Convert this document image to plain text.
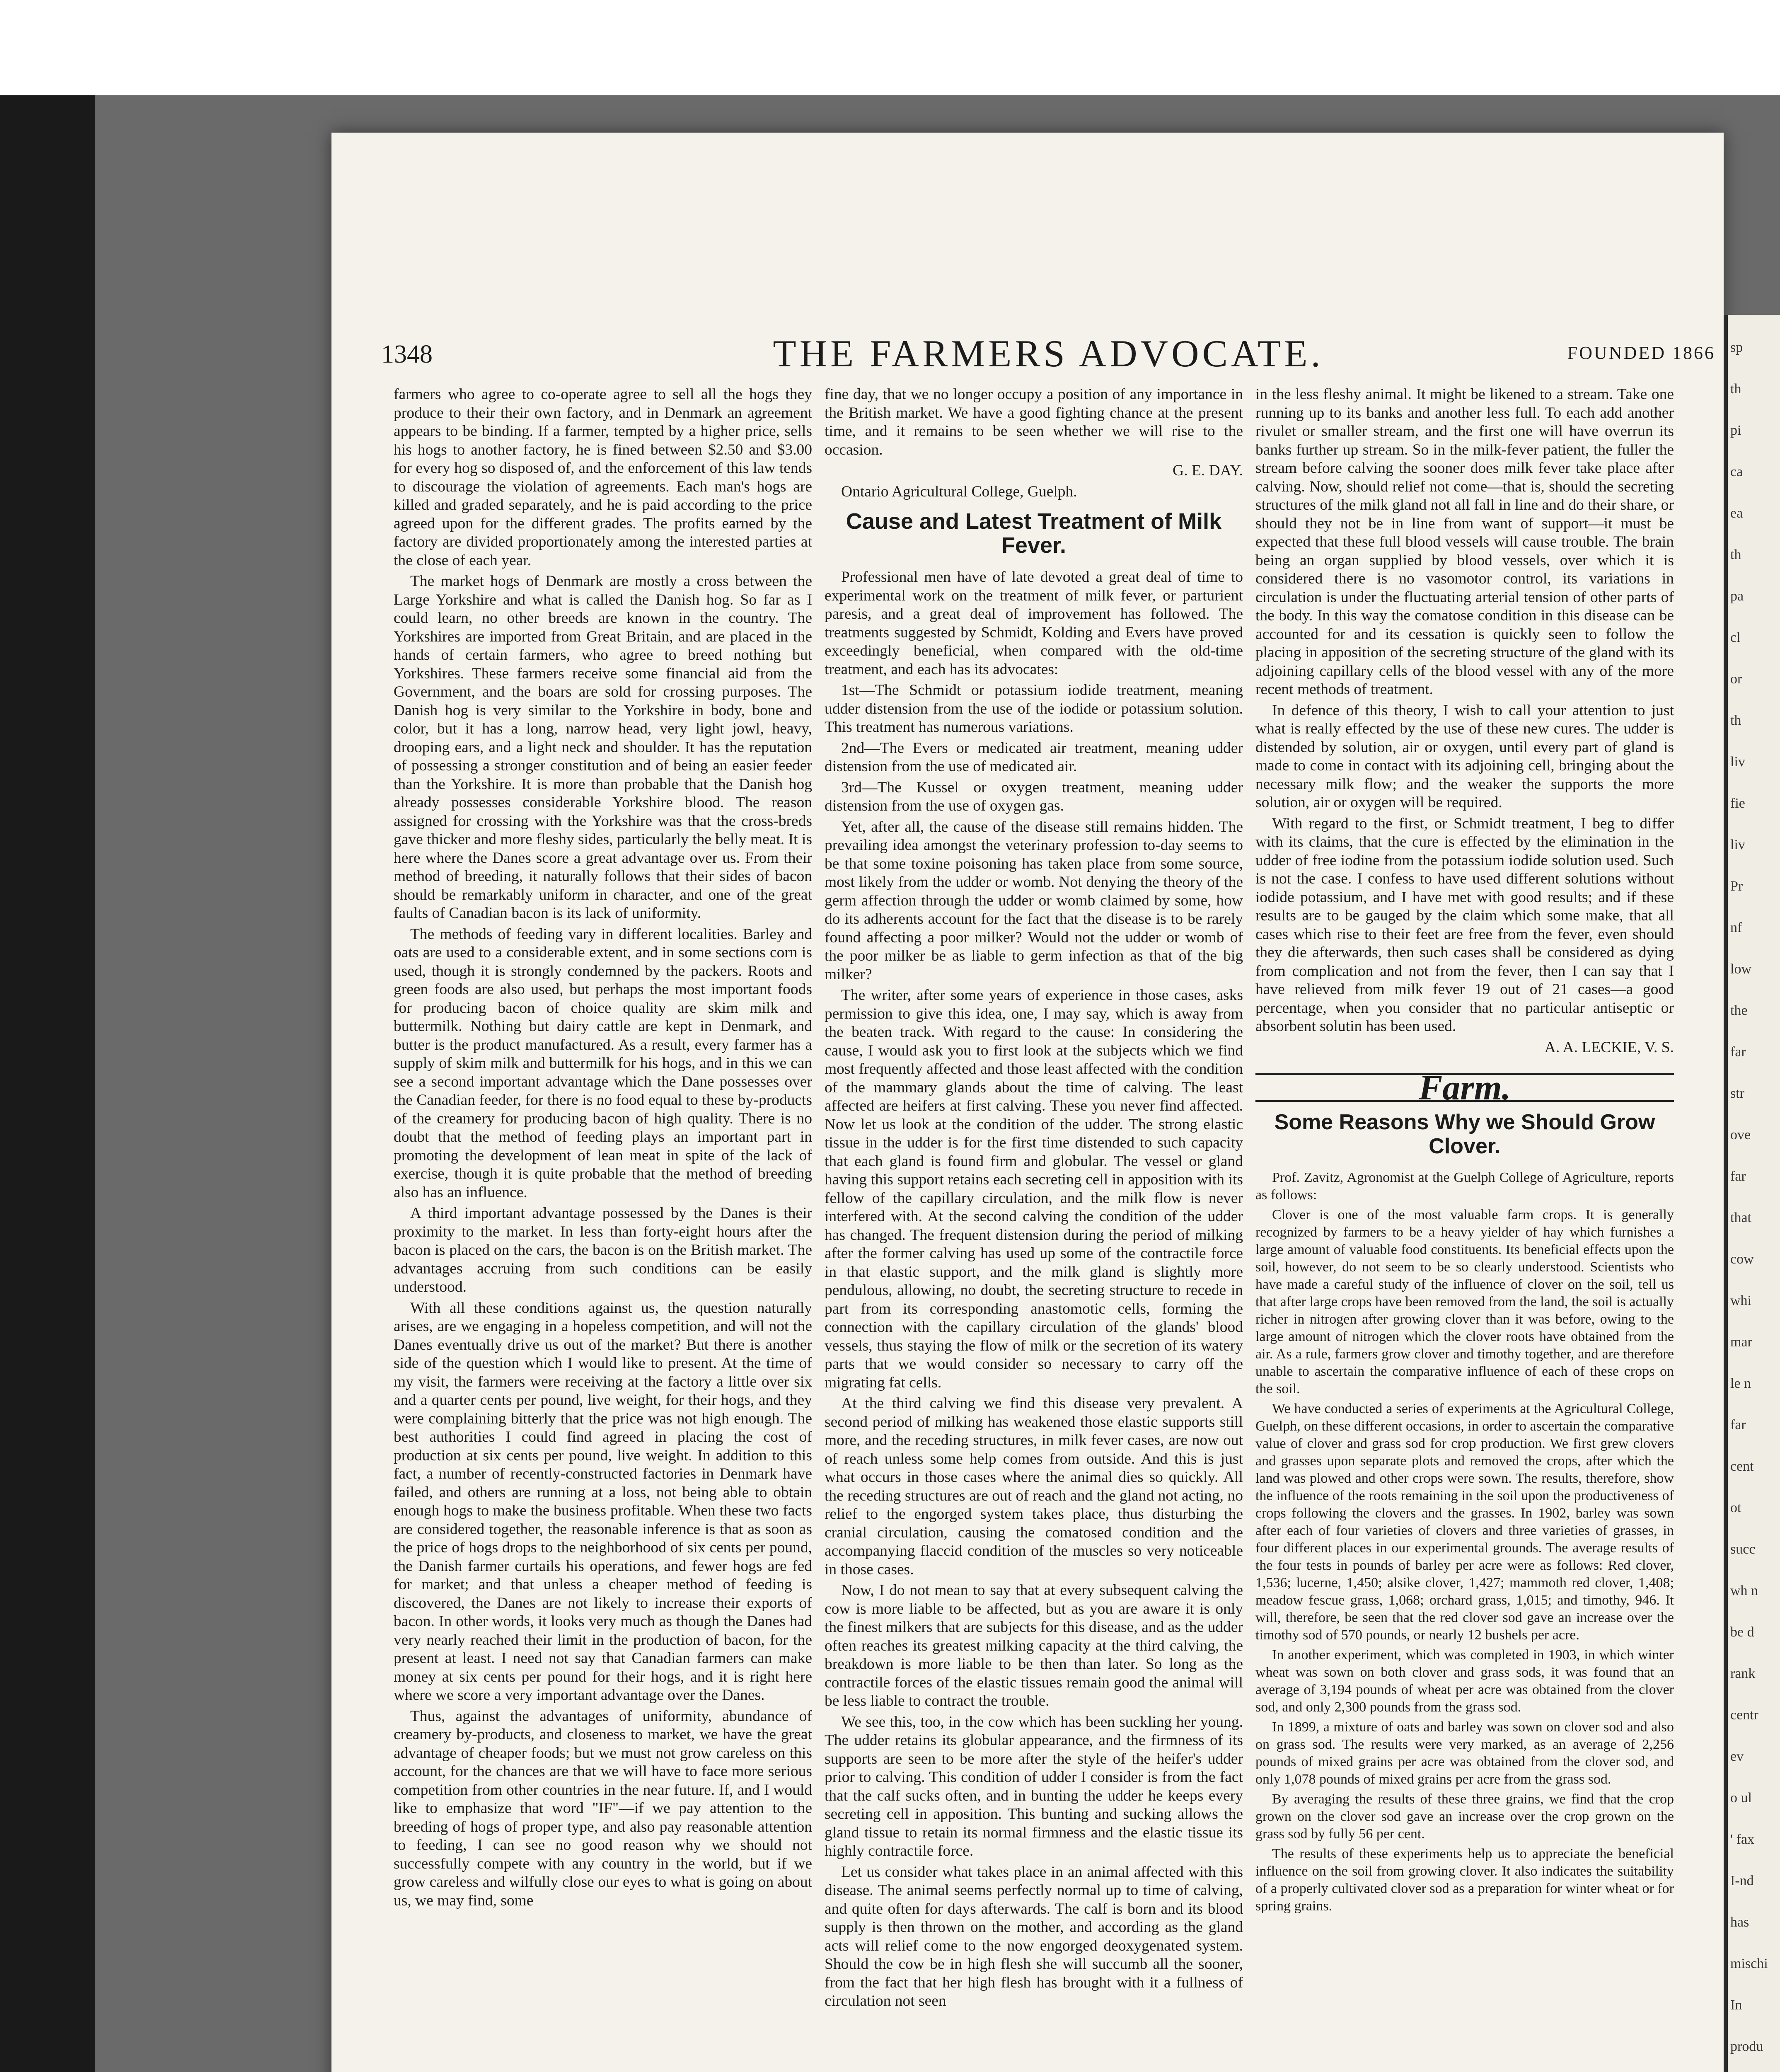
1348	THE FARMERS ADVOCATE.	FOUNDED 1866

farmers who agree to co-operate agree to sell all the hogs they produce to their their own factory, and in Denmark an agreement appears to be binding. If a farmer, tempted by a higher price, sells his hogs to another factory, he is fined between $2.50 and $3.00 for every hog so disposed of, and the enforcement of this law tends to discourage the violation of agreements. Each man's hogs are killed and graded separately, and he is paid according to the price agreed upon for the different grades. The profits earned by the factory are divided proportionately among the interested parties at the close of each year.

The market hogs of Denmark are mostly a cross between the Large Yorkshire and what is called the Danish hog. So far as I could learn, no other breeds are known in the country. The Yorkshires are imported from Great Britain, and are placed in the hands of certain farmers, who agree to breed nothing but Yorkshires. These farmers receive some financial aid from the Government, and the boars are sold for crossing purposes. The Danish hog is very similar to the Yorkshire in body, bone and color, but it has a long, narrow head, very light jowl, heavy, drooping ears, and a light neck and shoulder. It has the reputation of possessing a stronger constitution and of being an easier feeder than the Yorkshire. It is more than probable that the Danish hog already possesses considerable Yorkshire blood. The reason assigned for crossing with the Yorkshire was that the cross-breds gave thicker and more fleshy sides, particularly the belly meat. It is here where the Danes score a great advantage over us. From their method of breeding, it naturally follows that their sides of bacon should be remarkably uniform in character, and one of the great faults of Canadian bacon is its lack of uniformity.

The methods of feeding vary in different localities. Barley and oats are used to a considerable extent, and in some sections corn is used, though it is strongly condemned by the packers. Roots and green foods are also used, but perhaps the most important foods for producing bacon of choice quality are skim milk and buttermilk. Nothing but dairy cattle are kept in Denmark, and butter is the product manufactured. As a result, every farmer has a supply of skim milk and buttermilk for his hogs, and in this we can see a second important advantage which the Dane possesses over the Canadian feeder, for there is no food equal to these by-products of the creamery for producing bacon of high quality. There is no doubt that the method of feeding plays an important part in promoting the development of lean meat in spite of the lack of exercise, though it is quite probable that the method of breeding also has an influence.

A third important advantage possessed by the Danes is their proximity to the market. In less than forty-eight hours after the bacon is placed on the cars, the bacon is on the British market. The advantages accruing from such conditions can be easily understood.

With all these conditions against us, the question naturally arises, are we engaging in a hopeless competition, and will not the Danes eventually drive us out of the market? But there is another side of the question which I would like to present. At the time of my visit, the farmers were receiving at the factory a little over six and a quarter cents per pound, live weight, for their hogs, and they were complaining bitterly that the price was not high enough. The best authorities I could find agreed in placing the cost of production at six cents per pound, live weight. In addition to this fact, a number of recently-constructed factories in Denmark have failed, and others are running at a loss, not being able to obtain enough hogs to make the business profitable. When these two facts are considered together, the reasonable inference is that as soon as the price of hogs drops to the neighborhood of six cents per pound, the Danish farmer curtails his operations, and fewer hogs are fed for market; and that unless a cheaper method of feeding is discovered, the Danes are not likely to increase their exports of bacon. In other words, it looks very much as though the Danes had very nearly reached their limit in the production of bacon, for the present at least. I need not say that Canadian farmers can make money at six cents per pound for their hogs, and it is right here where we score a very important advantage over the Danes.

Thus, against the advantages of uniformity, abundance of creamery by-products, and closeness to market, we have the great advantage of cheaper foods; but we must not grow careless on this account, for the chances are that we will have to face more serious competition from other countries in the near future. If, and I would like to emphasize that word "IF"—if we pay attention to the breeding of hogs of proper type, and also pay reasonable attention to feeding, I can see no good reason why we should not successfully compete with any country in the world, but if we grow careless and wilfully close our eyes to what is going on about us, we may find, some

fine day, that we no longer occupy a position of any importance in the British market. We have a good fighting chance at the present time, and it remains to be seen whether we will rise to the occasion.

G. E. DAY.

Ontario Agricultural College, Guelph.

Cause and Latest Treatment of Milk Fever.

Professional men have of late devoted a great deal of time to experimental work on the treatment of milk fever, or parturient paresis, and a great deal of improvement has followed. The treatments suggested by Schmidt, Kolding and Evers have proved exceedingly beneficial, when compared with the old-time treatment, and each has its advocates:

1st—The Schmidt or potassium iodide treatment, meaning udder distension from the use of the iodide or potassium solution. This treatment has numerous variations.

2nd—The Evers or medicated air treatment, meaning udder distension from the use of medicated air.

3rd—The Kussel or oxygen treatment, meaning udder distension from the use of oxygen gas.

Yet, after all, the cause of the disease still remains hidden. The prevailing idea amongst the veterinary profession to-day seems to be that some toxine poisoning has taken place from some source, most likely from the udder or womb. Not denying the theory of the germ affection through the udder or womb claimed by some, how do its adherents account for the fact that the disease is to be rarely found affecting a poor milker? Would not the udder or womb of the poor milker be as liable to germ infection as that of the big milker?

The writer, after some years of experience in those cases, asks permission to give this idea, one, I may say, which is away from the beaten track. With regard to the cause: In considering the cause, I would ask you to first look at the subjects which we find most frequently affected and those least affected with the condition of the mammary glands about the time of calving. The least affected are heifers at first calving. These you never find affected. Now let us look at the condition of the udder. The strong elastic tissue in the udder is for the first time distended to such capacity that each gland is found firm and globular. The vessel or gland having this support retains each secreting cell in apposition with its fellow of the capillary circulation, and the milk flow is never interfered with. At the second calving the condition of the udder has changed. The frequent distension during the period of milking after the former calving has used up some of the contractile force in that elastic support, and the milk gland is slightly more pendulous, allowing, no doubt, the secreting structure to recede in part from its corresponding anastomotic cells, forming the connection with the capillary circulation of the glands' blood vessels, thus staying the flow of milk or the secretion of its watery parts that we would consider so necessary to carry off the migrating fat cells.

At the third calving we find this disease very prevalent. A second period of milking has weakened those elastic supports still more, and the receding structures, in milk fever cases, are now out of reach unless some help comes from outside. And this is just what occurs in those cases where the animal dies so quickly. All the receding structures are out of reach and the gland not acting, no relief to the engorged system takes place, thus disturbing the cranial circulation, causing the comatosed condition and the accompanying flaccid condition of the muscles so very noticeable in those cases.

Now, I do not mean to say that at every subsequent calving the cow is more liable to be affected, but as you are aware it is only the finest milkers that are subjects for this disease, and as the udder often reaches its greatest milking capacity at the third calving, the breakdown is more liable to be then than later. So long as the contractile forces of the elastic tissues remain good the animal will be less liable to contract the trouble.

We see this, too, in the cow which has been suckling her young. The udder retains its globular appearance, and the firmness of its supports are seen to be more after the style of the heifer's udder prior to calving. This condition of udder I consider is from the fact that the calf sucks often, and in bunting the udder he keeps every secreting cell in apposition. This bunting and sucking allows the gland tissue to retain its normal firmness and the elastic tissue its highly contractile force.

Let us consider what takes place in an animal affected with this disease. The animal seems perfectly normal up to time of calving, and quite often for days afterwards. The calf is born and its blood supply is then thrown on the mother, and according as the gland acts will relief come to the now engorged deoxygenated system. Should the cow be in high flesh she will succumb all the sooner, from the fact that her high flesh has brought with it a fullness of circulation not seen

in the less fleshy animal. It might be likened to a stream. Take one running up to its banks and another less full. To each add another rivulet or smaller stream, and the first one will have overrun its banks further up stream. So in the milk-fever patient, the fuller the stream before calving the sooner does milk fever take place after calving. Now, should relief not come—that is, should the secreting structures of the milk gland not all fall in line and do their share, or should they not be in line from want of support—it must be expected that these full blood vessels will cause trouble. The brain being an organ supplied by blood vessels, over which it is considered there is no vasomotor control, its variations in circulation is under the fluctuating arterial tension of other parts of the body. In this way the comatose condition in this disease can be accounted for and its cessation is quickly seen to follow the placing in apposition of the secreting structure of the gland with its adjoining capillary cells of the blood vessel with any of the more recent methods of treatment.

In defence of this theory, I wish to call your attention to just what is really effected by the use of these new cures. The udder is distended by solution, air or oxygen, until every part of gland is made to come in contact with its adjoining cell, bringing about the necessary milk flow; and the weaker the supports the more solution, air or oxygen will be required.

With regard to the first, or Schmidt treatment, I beg to differ with its claims, that the cure is effected by the elimination in the udder of free iodine from the potassium iodide solution used. Such is not the case. I confess to have used different solutions without iodide potassium, and I have met with good results; and if these results are to be gauged by the claim which some make, that all cases which rise to their feet are free from the fever, even should they die afterwards, then such cases shall be considered as dying from complication and not from the fever, then I can say that I have relieved from milk fever 19 out of 21 cases—a good percentage, when you consider that no particular antiseptic or absorbent solutin has been used.

A. A. LECKIE, V. S.

Farm.
Some Reasons Why we Should Grow Clover.

Prof. Zavitz, Agronomist at the Guelph College of Agriculture, reports as follows:

Clover is one of the most valuable farm crops. It is generally recognized by farmers to be a heavy yielder of hay which furnishes a large amount of valuable food constituents. Its beneficial effects upon the soil, however, do not seem to be so clearly understood. Scientists who have made a careful study of the influence of clover on the soil, tell us that after large crops have been removed from the land, the soil is actually richer in nitrogen after growing clover than it was before, owing to the large amount of nitrogen which the clover roots have obtained from the air. As a rule, farmers grow clover and timothy together, and are therefore unable to ascertain the comparative influence of each of these crops on the soil.

We have conducted a series of experiments at the Agricultural College, Guelph, on these different occasions, in order to ascertain the comparative value of clover and grass sod for crop production. We first grew clovers and grasses upon separate plots and removed the crops, after which the land was plowed and other crops were sown. The results, therefore, show the influence of the roots remaining in the soil upon the productiveness of crops following the clovers and the grasses. In 1902, barley was sown after each of four varieties of clovers and three varieties of grasses, in four different places in our experimental grounds. The average results of the four tests in pounds of barley per acre were as follows: Red clover, 1,536; lucerne, 1,450; alsike clover, 1,427; mammoth red clover, 1,408; meadow fescue grass, 1,068; orchard grass, 1,015; and timothy, 946. It will, therefore, be seen that the red clover sod gave an increase over the timothy sod of 570 pounds, or nearly 12 bushels per acre.

In another experiment, which was completed in 1903, in which winter wheat was sown on both clover and grass sods, it was found that an average of 3,194 pounds of wheat per acre was obtained from the clover sod, and only 2,300 pounds from the grass sod.

In 1899, a mixture of oats and barley was sown on clover sod and also on grass sod. The results were very marked, as an average of 2,256 pounds of mixed grains per acre was obtained from the clover sod, and only 1,078 pounds of mixed grains per acre from the grass sod.

By averaging the results of these three grains, we find that the crop grown on the clover sod gave an increase over the crop grown on the grass sod by fully 56 per cent.

The results of these experiments help us to appreciate the beneficial influence on the soil from growing clover. It also indicates the suitability of a properly cultivated clover sod as a preparation for winter wheat or for spring grains.

sp
th
pi
ca
ea
th
pa
cl
or
th
liv
fie
liv
Pr
nf
low
the
far
str
ove
far
that
cow
whi
mar
le n
far
cent
ot
succ
wh n
be d
rank
centr
ev
o ul
' fax
I-nd
has
mischi
In
produ
